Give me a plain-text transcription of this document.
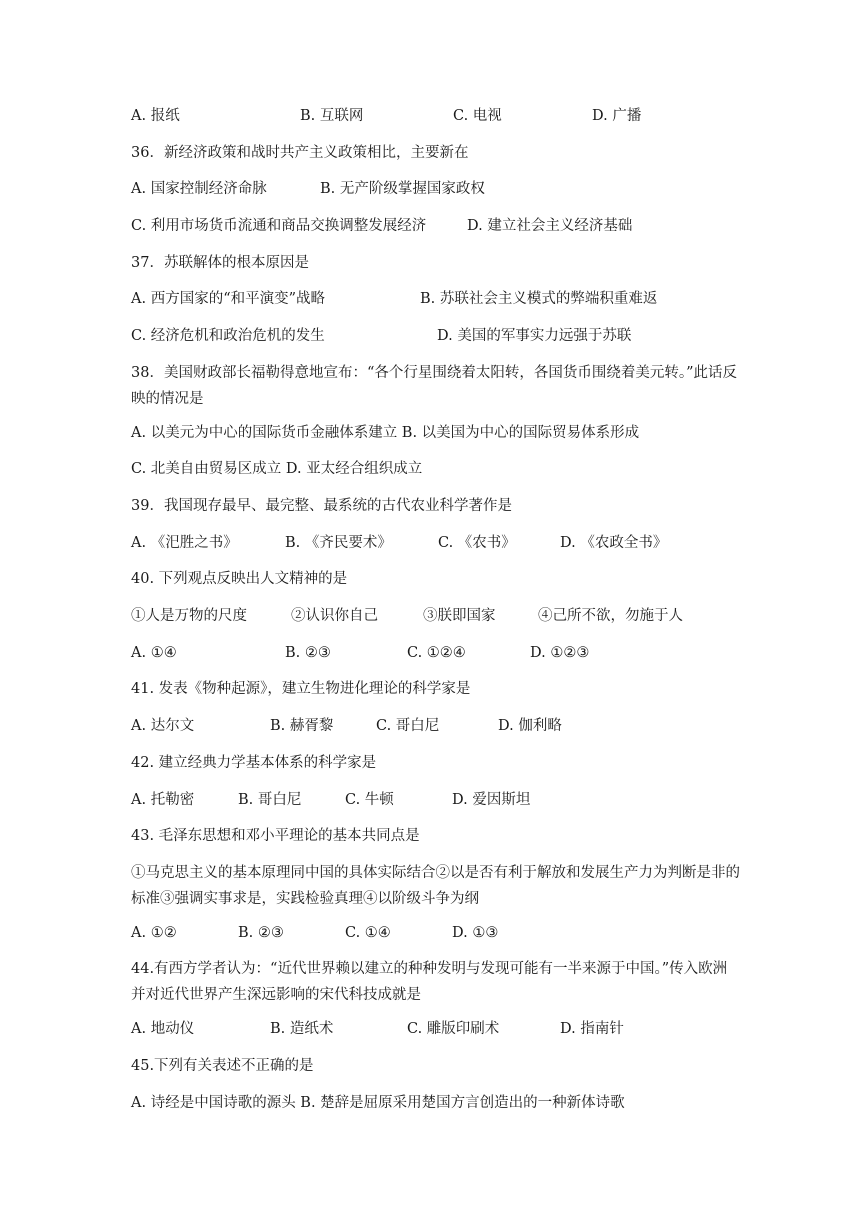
A. 报纸	B. 互联网	C. 电视	D. 广播
36．新经济政策和战时共产主义政策相比，主要新在
A. 国家控制经济命脉	B. 无产阶级掌握国家政权
C. 利用市场货币流通和商品交换调整发展经济	D. 建立社会主义经济基础
37．苏联解体的根本原因是
A. 西方国家的“和平演变”战略	B. 苏联社会主义模式的弊端积重难返
C. 经济危机和政治危机的发生	D. 美国的军事实力远强于苏联
38．美国财政部长福勒得意地宣布：“各个行星围绕着太阳转，各国货币围绕着美元转。”此话反映的情况是
A. 以美元为中心的国际货币金融体系建立 B. 以美国为中心的国际贸易体系形成
C. 北美自由贸易区成立 D. 亚太经合组织成立
39．我国现存最早、最完整、最系统的古代农业科学著作是
A. 《汜胜之书》	B. 《齐民要术》	C. 《农书》	D. 《农政全书》
40. 下列观点反映出人文精神的是
①人是万物的尺度	②认识你自己	③朕即国家	④己所不欲，勿施于人
A. ①④	B. ②③	C. ①②④	D. ①②③
41. 发表《物种起源》，建立生物进化理论的科学家是
A. 达尔文	B. 赫胥黎	C. 哥白尼	D. 伽利略
42. 建立经典力学基本体系的科学家是
A. 托勒密	B. 哥白尼	C. 牛顿	D. 爱因斯坦
43. 毛泽东思想和邓小平理论的基本共同点是
①马克思主义的基本原理同中国的具体实际结合②以是否有利于解放和发展生产力为判断是非的标准③强调实事求是，实践检验真理④以阶级斗争为纲
A. ①②	B. ②③	C. ①④	D. ①③
44.有西方学者认为：“近代世界赖以建立的种种发明与发现可能有一半来源于中国。”传入欧洲并对近代世界产生深远影响的宋代科技成就是
A. 地动仪	B. 造纸术	C. 雕版印刷术	D. 指南针
45.下列有关表述不正确的是
A. 诗经是中国诗歌的源头 B. 楚辞是屈原采用楚国方言创造出的一种新体诗歌
